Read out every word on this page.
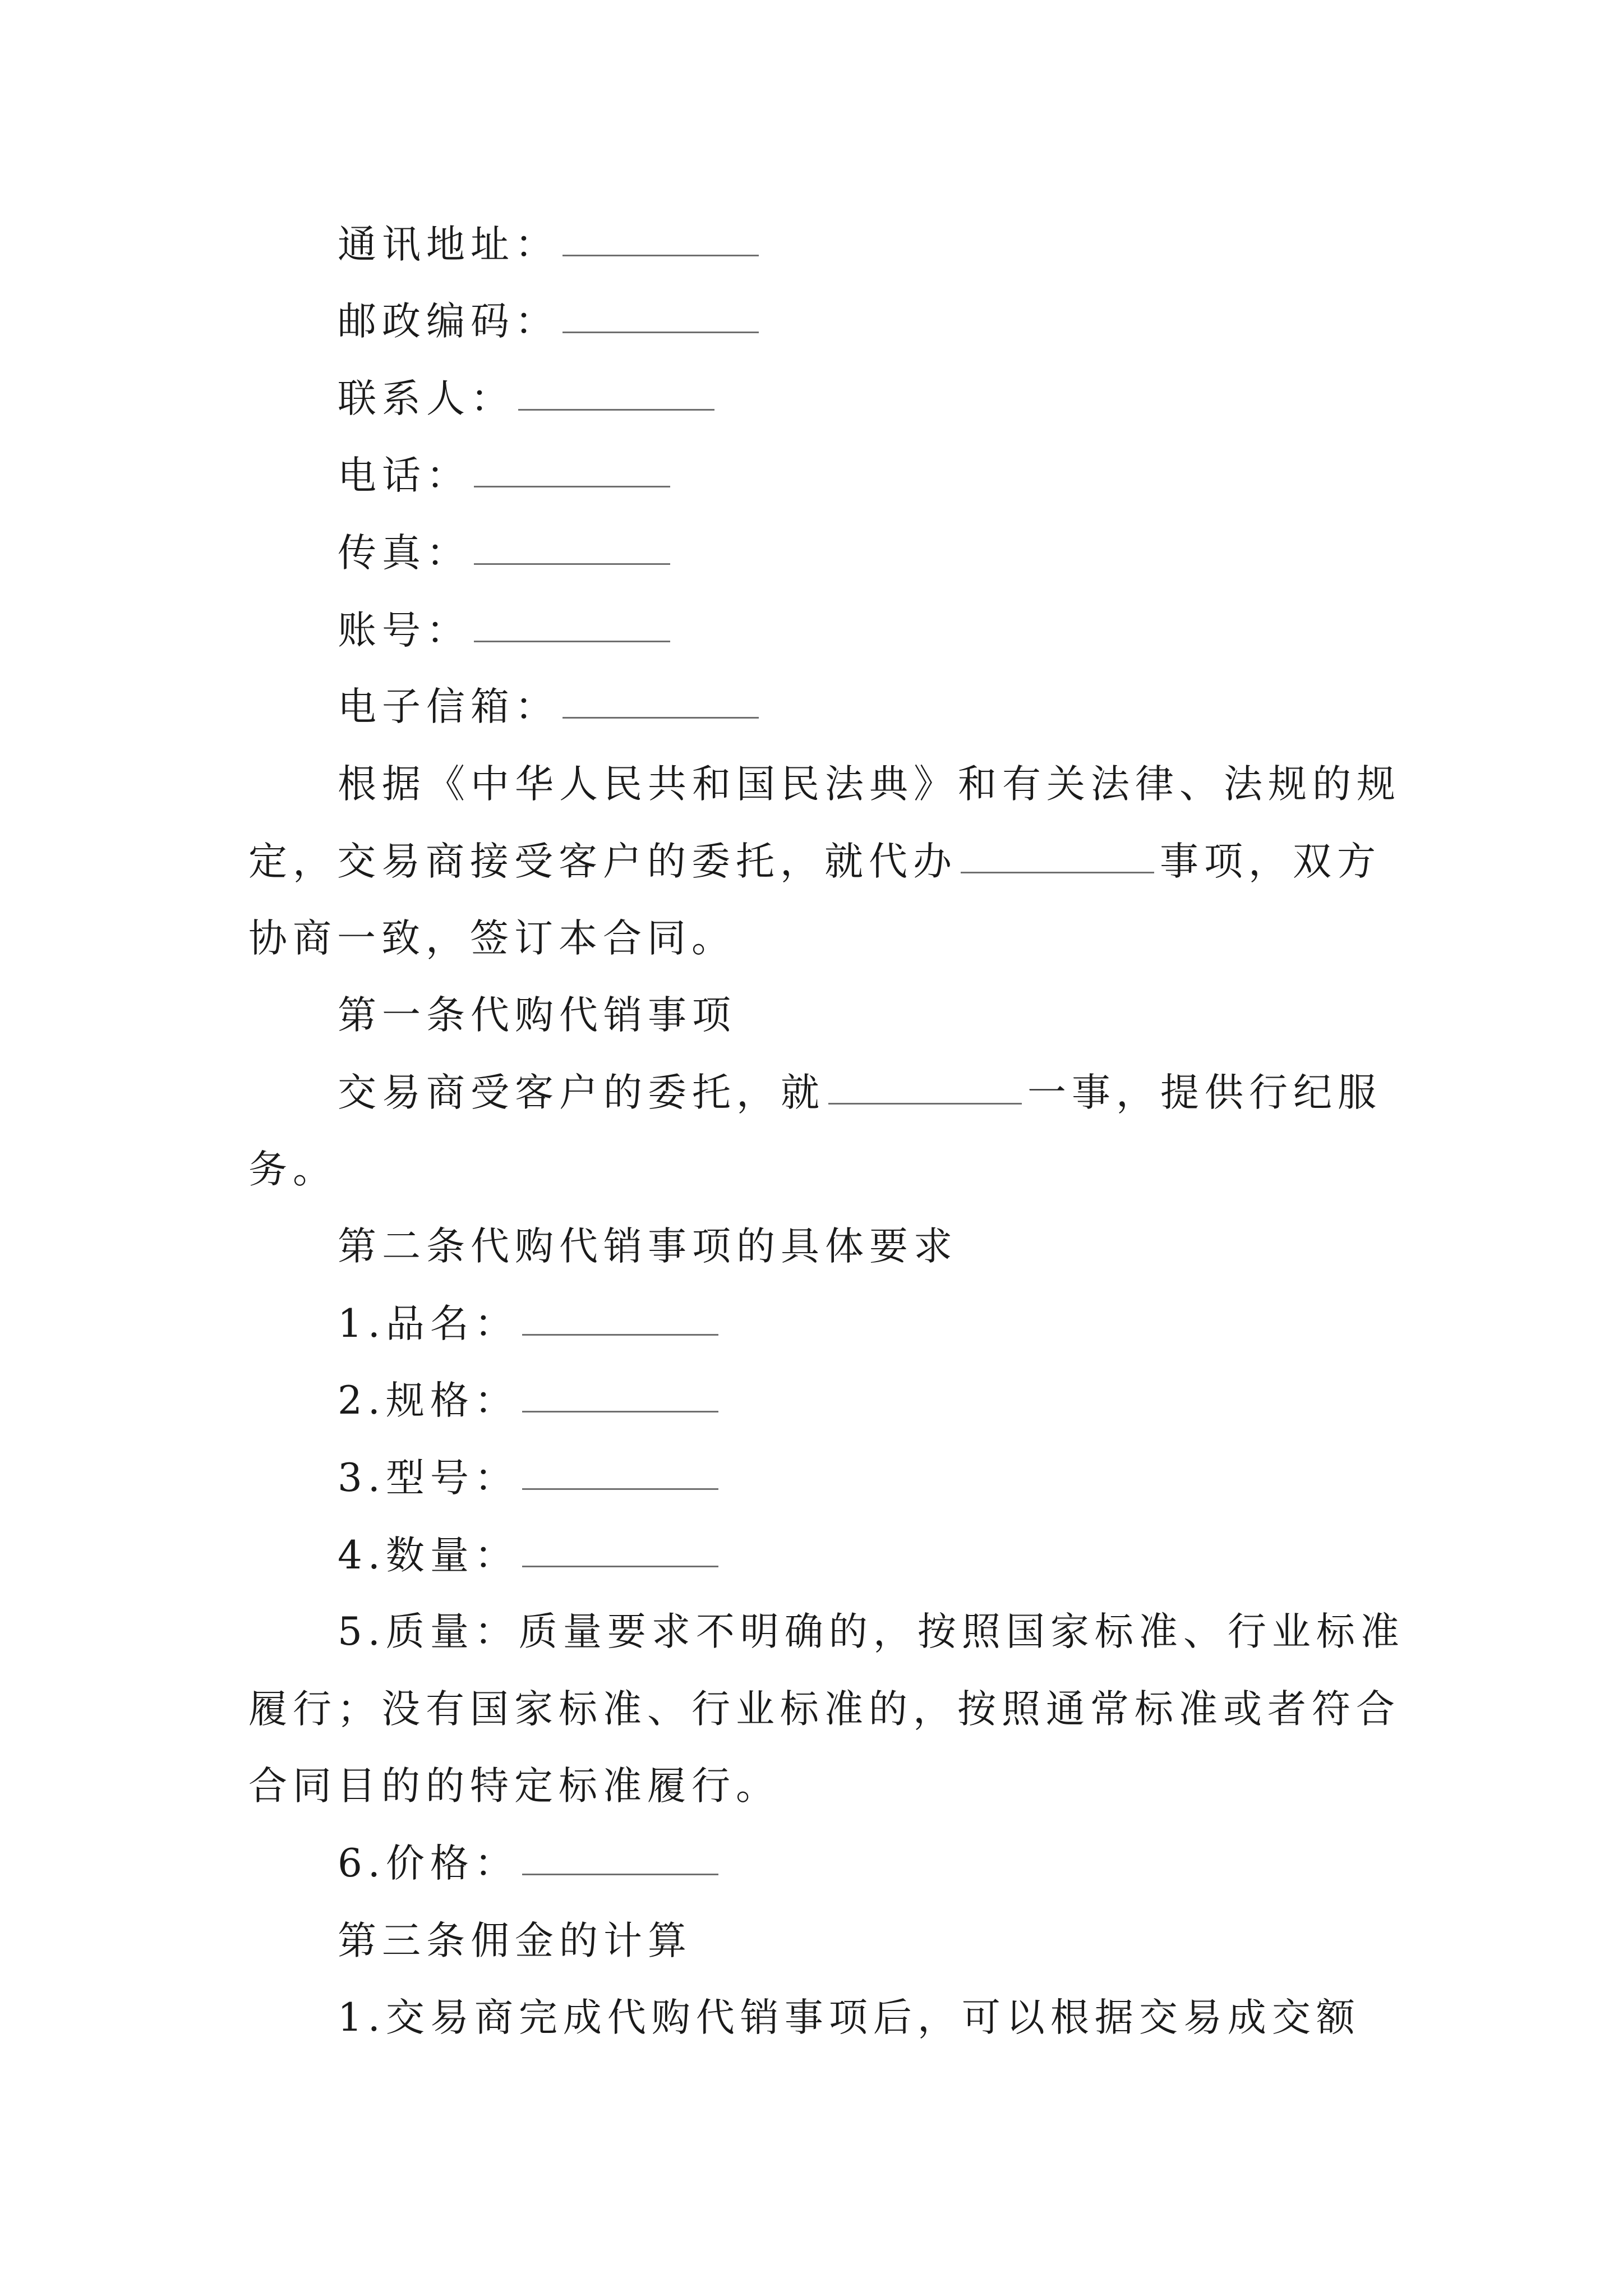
通讯地址：
邮政编码：
联系人：
电话：
传真：
账号：
电子信箱：
根据《中华人民共和国民法典》和有关法律、法规的规
定，交易商接受客户的委托，就代办	事项，双方
协商一致，签订本合同。
第一条代购代销事项
交易商受客户的委托，就	一事，提供行纪服
务。
第二条代购代销事项的具体要求
1.品名：
2.规格：
3.型号：
4.数量：
5.质量：质量要求不明确的，按照国家标准、行业标准
履行；没有国家标准、行业标准的，按照通常标准或者符合
合同目的的特定标准履行。
6.价格：
第三条佣金的计算
1.交易商完成代购代销事项后，可以根据交易成交额
